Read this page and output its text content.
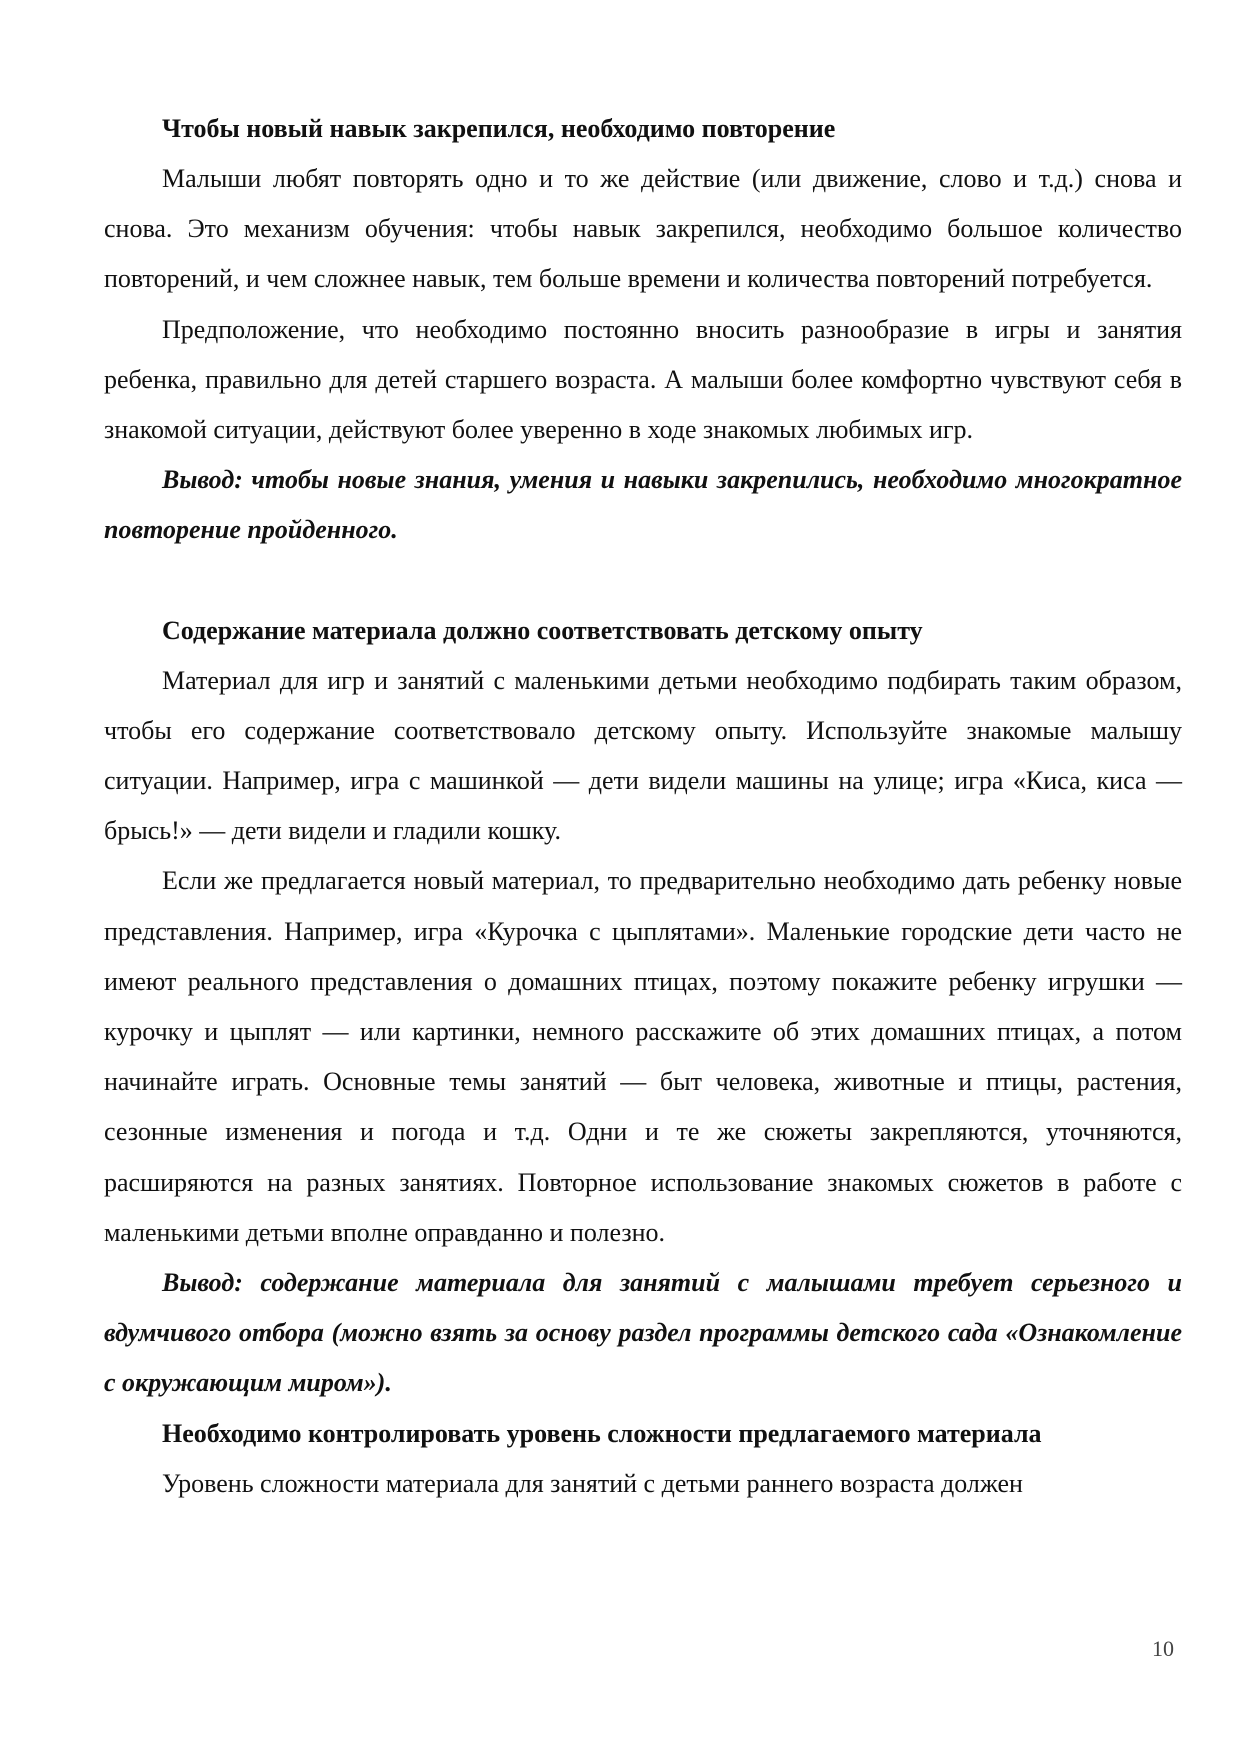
Чтобы новый навык закрепился, необходимо повторение

Малыши любят повторять одно и то же действие (или движение, слово и т.д.) снова и снова. Это механизм обучения: чтобы навык закрепился, необходимо большое количество повторений, и чем сложнее навык, тем больше времени и количества повторений потребуется.

Предположение, что необходимо постоянно вносить разнообразие в игры и занятия ребенка, правильно для детей старшего возраста. А малыши более комфортно чувствуют себя в знакомой ситуации, действуют более уверенно в ходе знакомых любимых игр.

Вывод: чтобы новые знания, умения и навыки закрепились, необходимо многократное повторение пройденного.

Содержание материала должно соответствовать детскому опыту

Материал для игр и занятий с маленькими детьми необходимо подбирать таким образом, чтобы его содержание соответствовало детскому опыту. Используйте знакомые малышу ситуации. Например, игра с машинкой — дети видели машины на улице; игра «Киса, киса — брысь!» — дети видели и гладили кошку.

Если же предлагается новый материал, то предварительно необходимо дать ребенку новые представления. Например, игра «Курочка с цыплятами». Маленькие городские дети часто не имеют реального представления о домашних птицах, поэтому покажите ребенку игрушки — курочку и цыплят — или картинки, немного расскажите об этих домашних птицах, а потом начинайте играть. Основные темы занятий — быт человека, животные и птицы, растения, сезонные изменения и погода и т.д. Одни и те же сюжеты закрепляются, уточняются, расширяются на разных занятиях. Повторное использование знакомых сюжетов в работе с маленькими детьми вполне оправданно и полезно.

Вывод: содержание материала для занятий с малышами требует серьезного и вдумчивого отбора (можно взять за основу раздел программы детского сада «Ознакомление с окружающим миром»).

Необходимо контролировать уровень сложности предлагаемого материала

Уровень сложности материала для занятий с детьми раннего возраста должен

10
